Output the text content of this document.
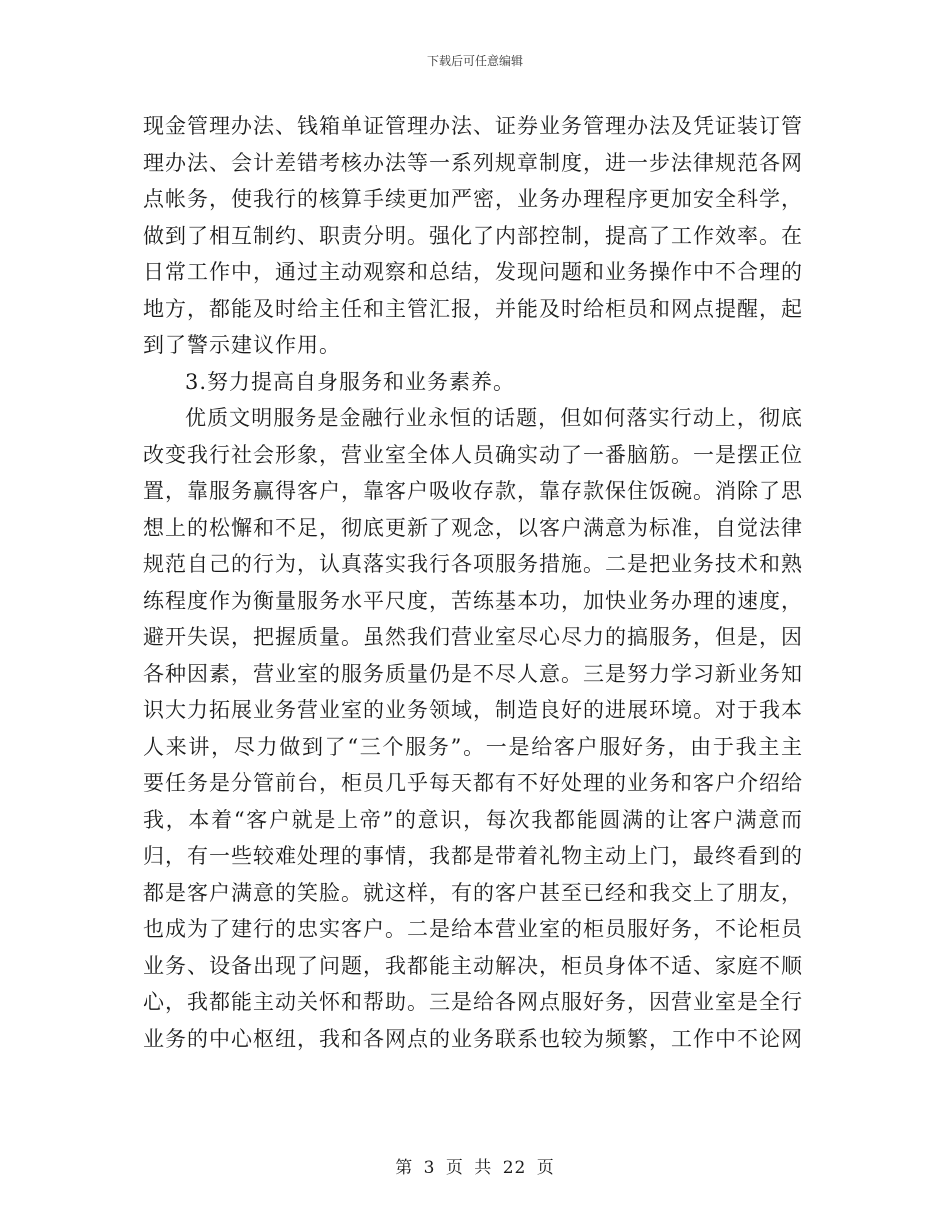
下载后可任意编辑

现金管理办法、钱箱单证管理办法、证券业务管理办法及凭证装订管理办法、会计差错考核办法等一系列规章制度，进一步法律规范各网点帐务，使我行的核算手续更加严密，业务办理程序更加安全科学，做到了相互制约、职责分明。强化了内部控制，提高了工作效率。在日常工作中，通过主动观察和总结，发现问题和业务操作中不合理的地方，都能及时给主任和主管汇报，并能及时给柜员和网点提醒，起到了警示建议作用。

3.努力提高自身服务和业务素养。

优质文明服务是金融行业永恒的话题，但如何落实行动上，彻底改变我行社会形象，营业室全体人员确实动了一番脑筋。一是摆正位置，靠服务赢得客户，靠客户吸收存款，靠存款保住饭碗。消除了思想上的松懈和不足，彻底更新了观念，以客户满意为标准，自觉法律规范自己的行为，认真落实我行各项服务措施。二是把业务技术和熟练程度作为衡量服务水平尺度，苦练基本功，加快业务办理的速度，避开失误，把握质量。虽然我们营业室尽心尽力的搞服务，但是，因各种因素，营业室的服务质量仍是不尽人意。三是努力学习新业务知识大力拓展业务营业室的业务领域，制造良好的进展环境。对于我本人来讲，尽力做到了“三个服务”。一是给客户服好务，由于我主主要任务是分管前台，柜员几乎每天都有不好处理的业务和客户介绍给我，本着“客户就是上帝”的意识，每次我都能圆满的让客户满意而归，有一些较难处理的事情，我都是带着礼物主动上门，最终看到的都是客户满意的笑脸。就这样，有的客户甚至已经和我交上了朋友，也成为了建行的忠实客户。二是给本营业室的柜员服好务，不论柜员业务、设备出现了问题，我都能主动解决，柜员身体不适、家庭不顺心，我都能主动关怀和帮助。三是给各网点服好务，因营业室是全行业务的中心枢纽，我和各网点的业务联系也较为频繁，工作中不论网

第 3 页 共 22 页
